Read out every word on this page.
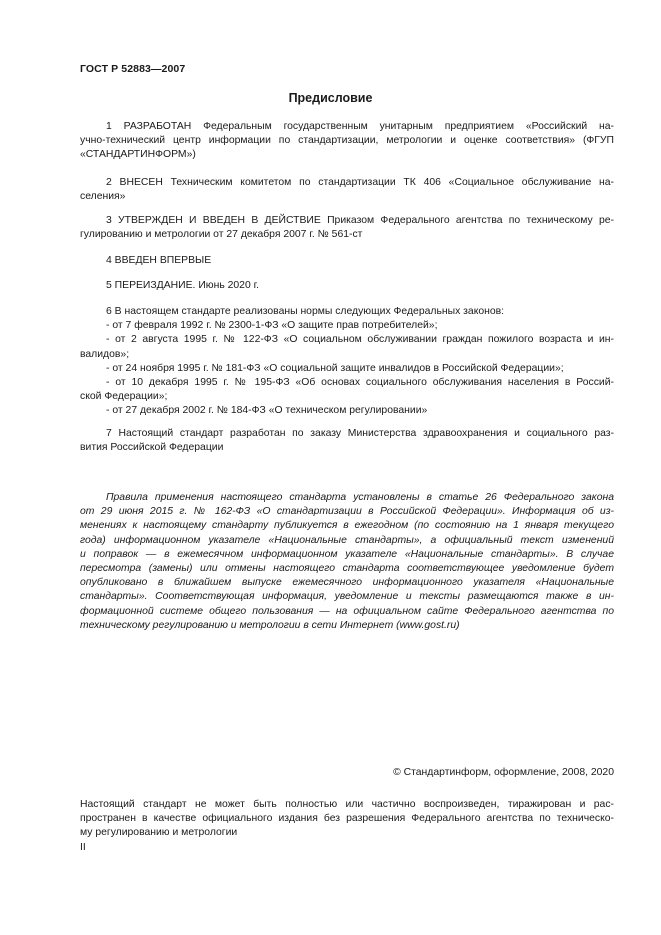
ГОСТ Р 52883—2007
Предисловие
1 РАЗРАБОТАН Федеральным государственным унитарным предприятием «Российский на-
учно-технический центр информации по стандартизации, метрологии и оценке соответствия» (ФГУП
«СТАНДАРТИНФОРМ»)
2 ВНЕСЕН Техническим комитетом по стандартизации ТК 406 «Социальное обслуживание на-
селения»
3 УТВЕРЖДЕН И ВВЕДЕН В ДЕЙСТВИЕ Приказом Федерального агентства по техническому ре-
гулированию и метрологии от 27 декабря 2007 г. № 561-ст
4 ВВЕДЕН ВПЕРВЫЕ
5 ПЕРЕИЗДАНИЕ. Июнь 2020 г.
6 В настоящем стандарте реализованы нормы следующих Федеральных законов:
- от 7 февраля 1992 г. № 2300-1-ФЗ «О защите прав потребителей»;
- от 2 августа 1995 г. № 122-ФЗ «О социальном обслуживании граждан пожилого возраста и ин-
валидов»;
- от 24 ноября 1995 г. № 181-ФЗ «О социальной защите инвалидов в Российской Федерации»;
- от 10 декабря 1995 г. № 195-ФЗ «Об основах социального обслуживания населения в Россий-
ской Федерации»;
- от 27 декабря 2002 г. № 184-ФЗ «О техническом регулировании»
7 Настоящий стандарт разработан по заказу Министерства здравоохранения и социального раз-
вития Российской Федерации
Правила применения настоящего стандарта установлены в статье 26 Федерального закона
от 29 июня 2015 г. № 162-ФЗ «О стандартизации в Российской Федерации». Информация об из-
менениях к настоящему стандарту публикуется в ежегодном (по состоянию на 1 января текущего
года) информационном указателе «Национальные стандарты», а официальный текст изменений
и поправок — в ежемесячном информационном указателе «Национальные стандарты». В случае
пересмотра (замены) или отмены настоящего стандарта соответствующее уведомление будет
опубликовано в ближайшем выпуске ежемесячного информационного указателя «Национальные
стандарты». Соответствующая информация, уведомление и тексты размещаются также в ин-
формационной системе общего пользования — на официальном сайте Федерального агентства по
техническому регулированию и метрологии в сети Интернет (www.gost.ru)
© Стандартинформ, оформление, 2008, 2020
Настоящий стандарт не может быть полностью или частично воспроизведен, тиражирован и рас-
пространен в качестве официального издания без разрешения Федерального агентства по техническо-
му регулированию и метрологии
II
